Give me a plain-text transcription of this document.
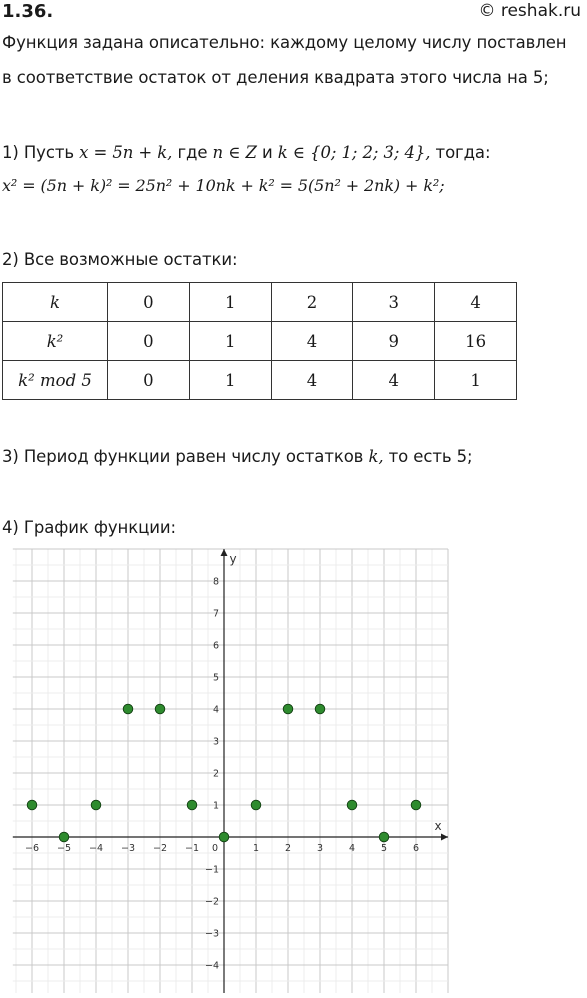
1.36.	© reshak.ru
Функция задана описательно: каждому целому числу поставлен
в соответствие остаток от деления квадрата этого числа на 5;
1) Пусть x = 5n + k, где n ∈ Z и k ∈ {0; 1; 2; 3; 4}, тогда:
x² = (5n + k)² = 25n² + 10nk + k² = 5(5n² + 2nk) + k²;
2) Все возможные остатки:
k	0	1	2	3	4
k²	0	1	4	9	16
k² mod 5	0	1	4	4	1
3) Период функции равен числу остатков k, то есть 5;
4) График функции:
x
y
0
−6 −5 −4 −3 −2 −1	1	2	3	4	5	6
−4
−3
−2
−1
1
2
3
4
5
6
7
8
